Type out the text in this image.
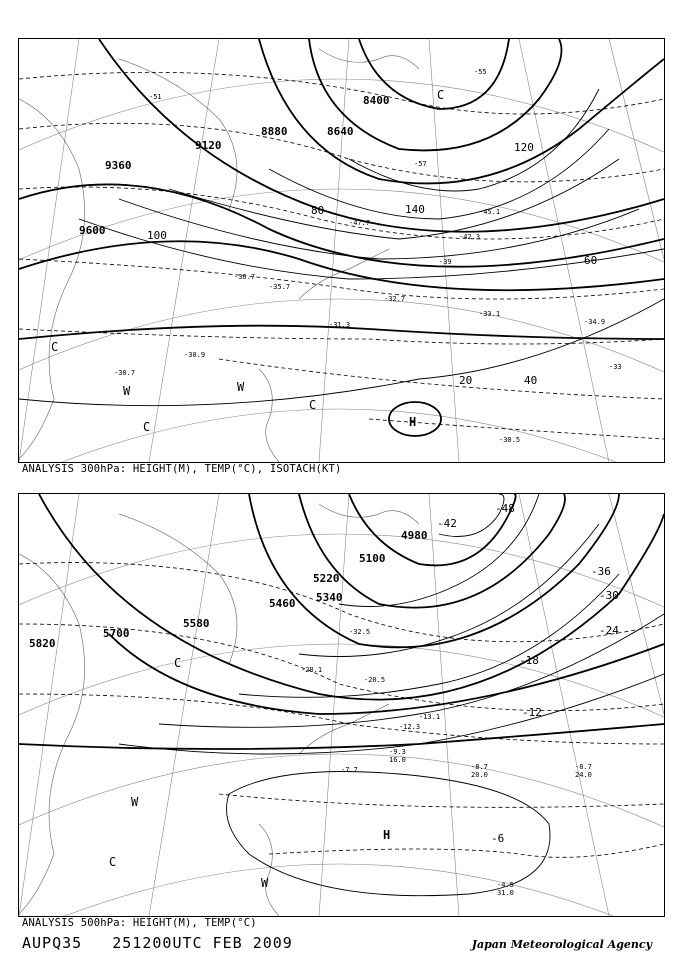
9600
9360
9120
8880	8640
8400
20	40
60
80
100
120
140
-39
-42.3
-47.7
-45.1
-36.7
-35.7
-32.7
-33.1
-34.9
-31.3
-30.9
-30.7
-30.5
-33
-51
-57
-55
H
C
C
C
C
W
W
ANALYSIS 300hPa: HEIGHT(M), TEMP(°C), ISOTACH(KT)
5820
5700
5580
5460 5340
5220
5100
4980
-6
-12
-18
-24
-30
-36
-42
-48
-8.7
20.0
-8.7
24.0
-4.5
31.0
-7.7
-9.3
16.0
-13.1
-20.5
-28.1
-32.5
-12.3
H
C
C
W
W
ANALYSIS 500hPa: HEIGHT(M), TEMP(°C)
AUPQ35 251200UTC FEB 2009	Japan Meteorological Agency
